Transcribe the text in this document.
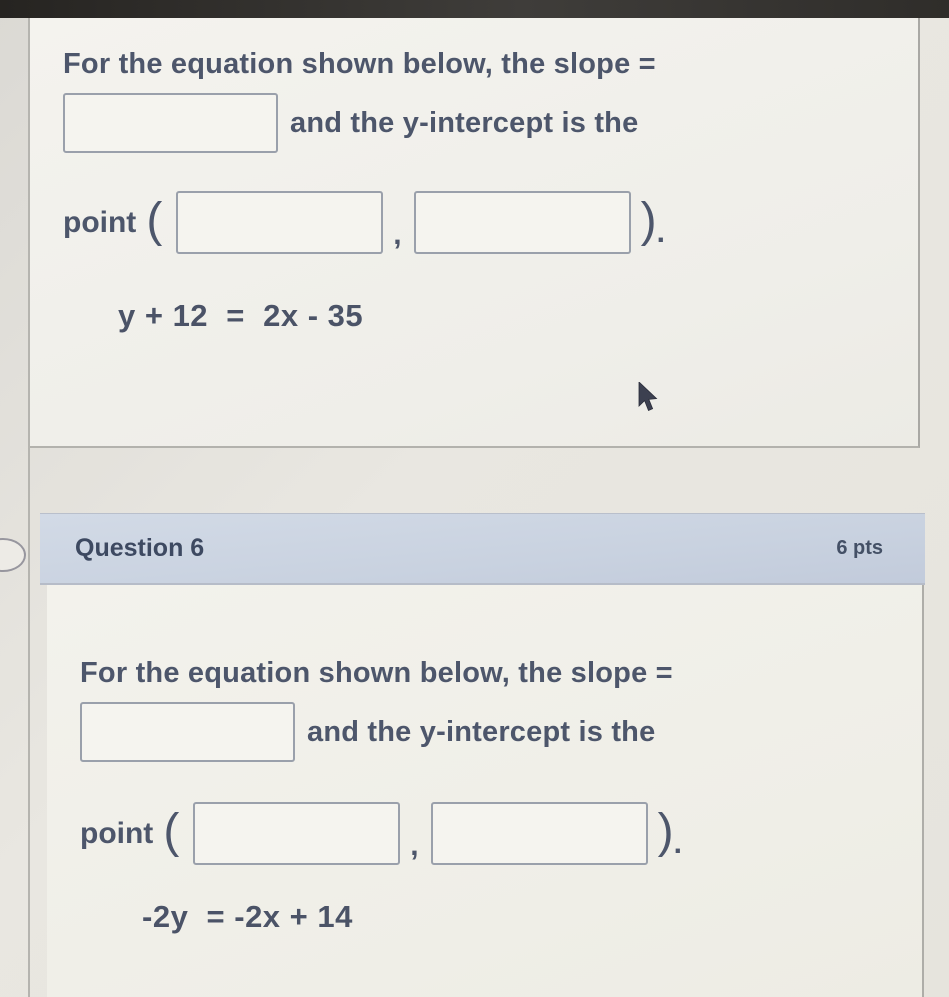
For the equation shown below, the slope =
and the y-intercept is the
point (	,	) .
y + 12  =  2x - 35
Question 6	6 pts
For the equation shown below, the slope =
and the y-intercept is the
point (	,	) .
-2y  = -2x + 14
